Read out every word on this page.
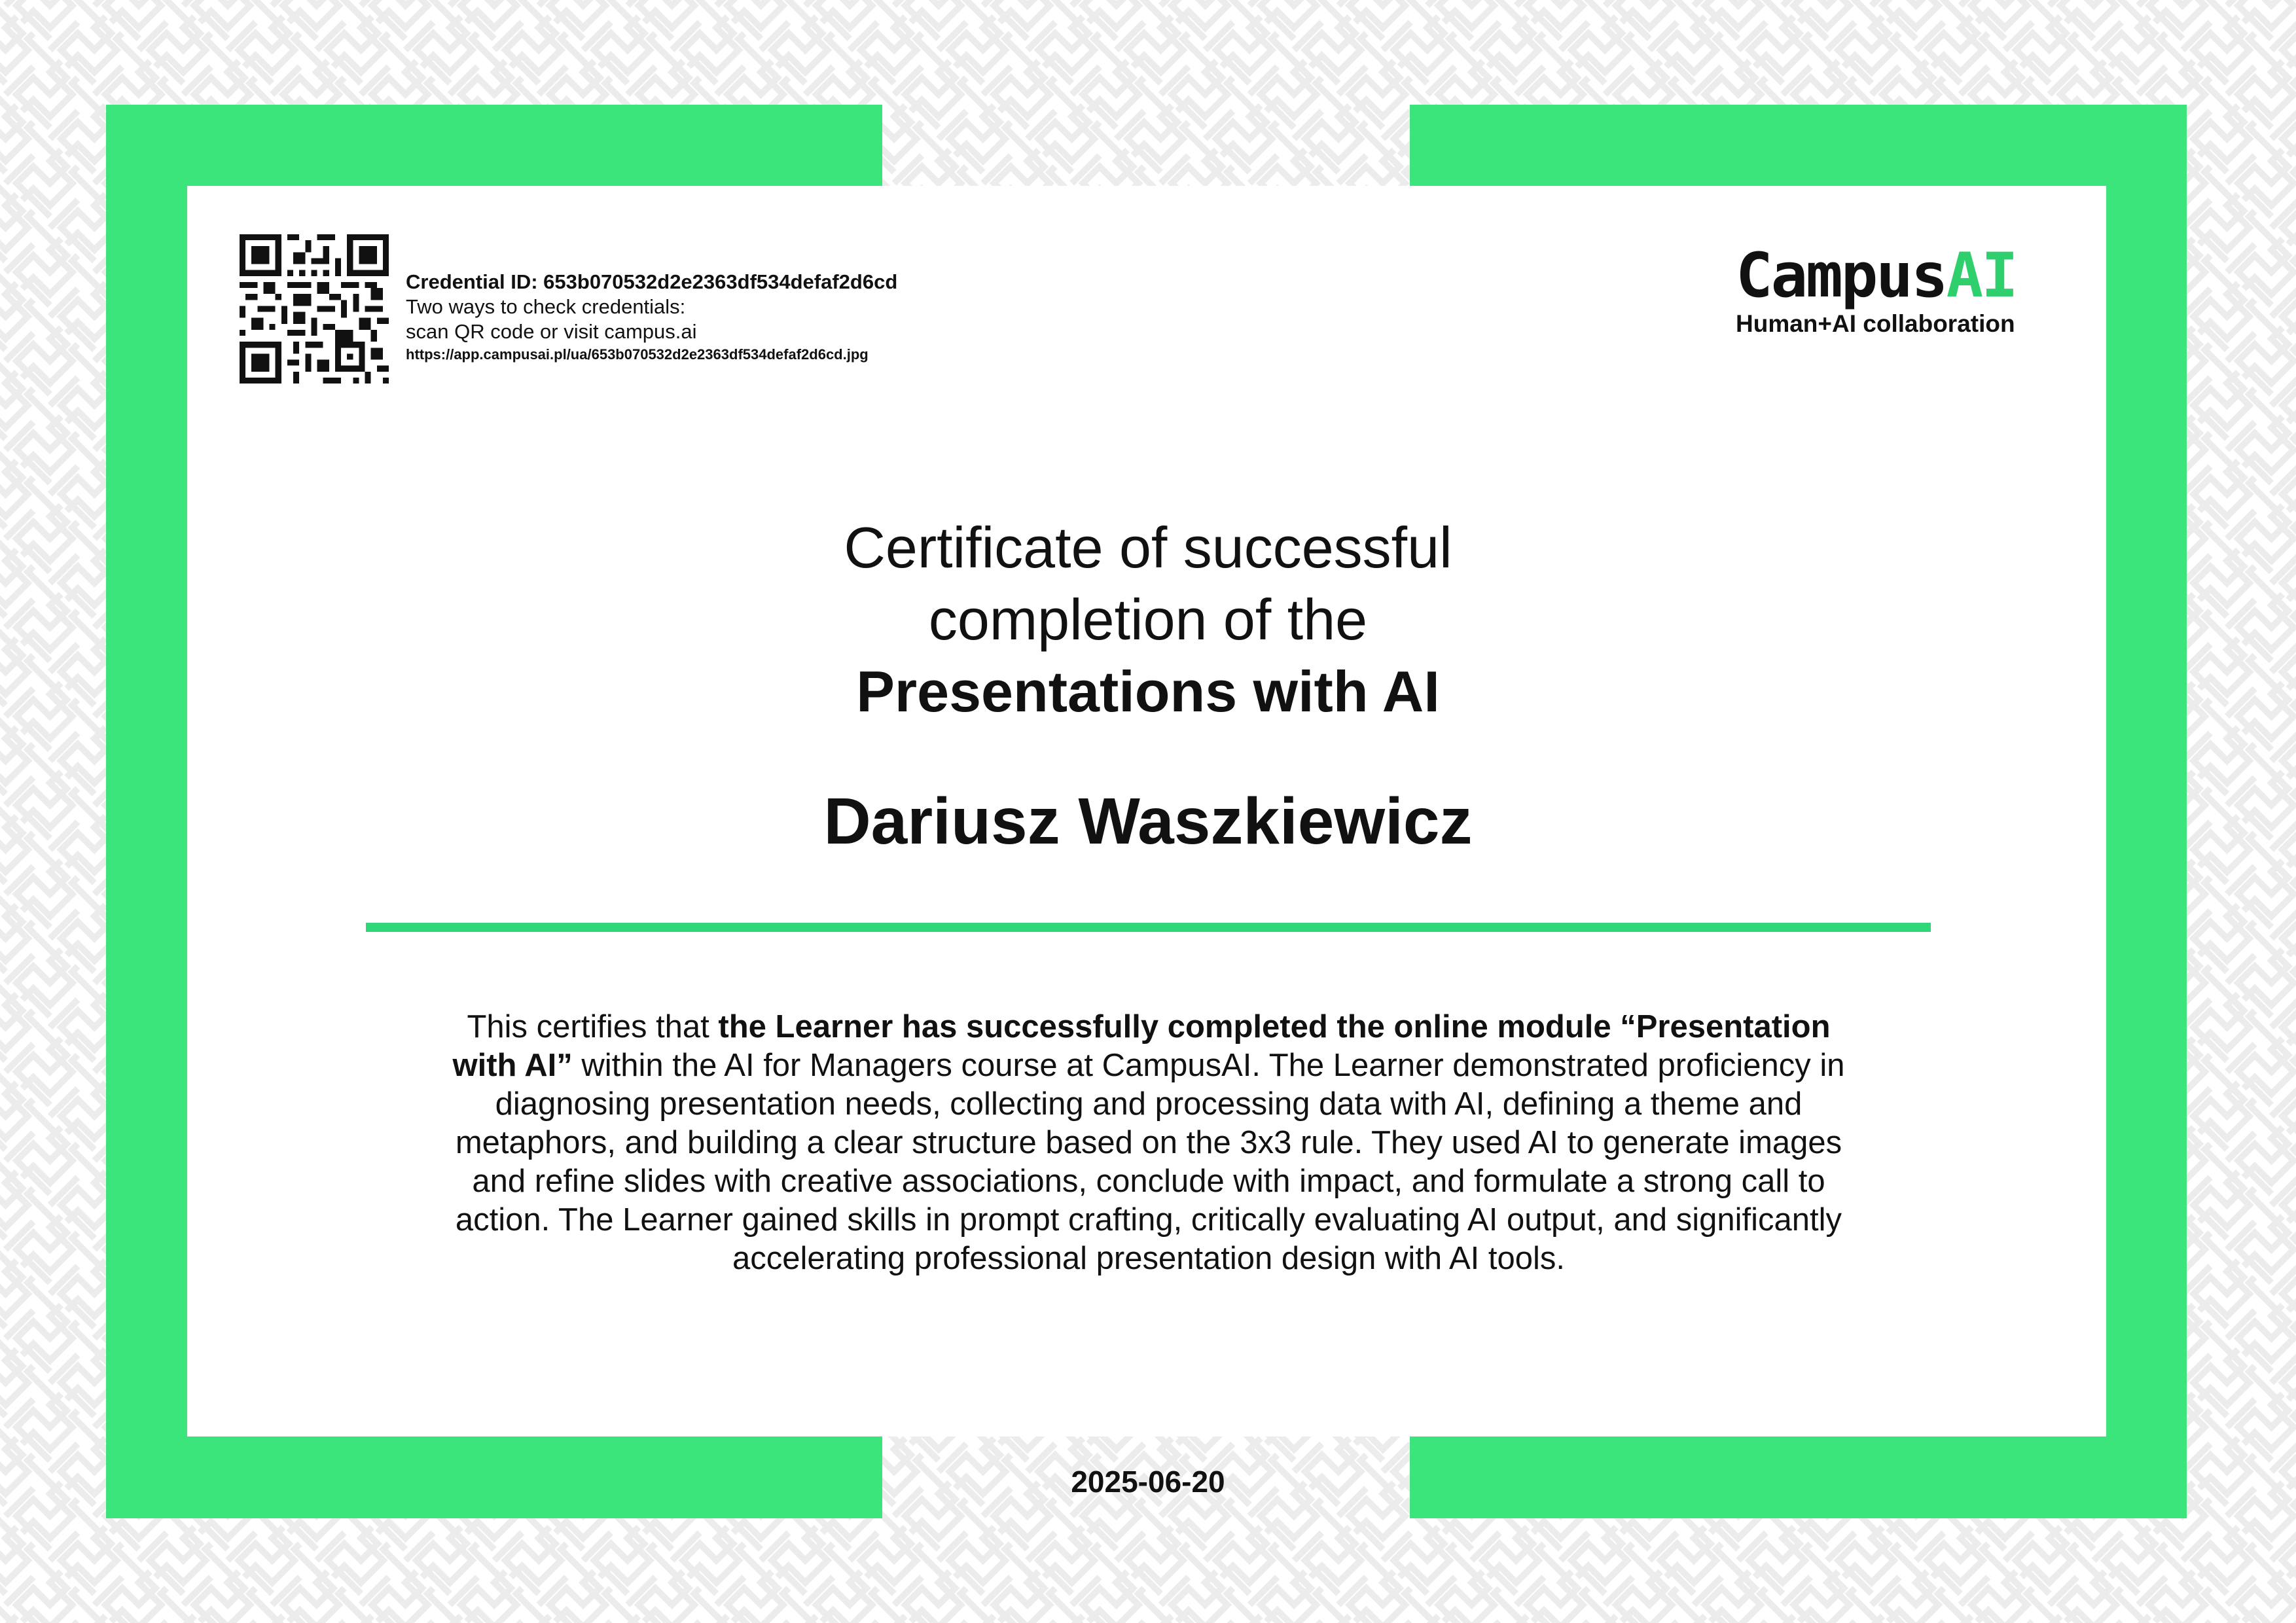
Credential ID: 653b070532d2e2363df534defaf2d6cd
Two ways to check credentials:
scan QR code or visit campus.ai
https://app.campusai.pl/ua/653b070532d2e2363df534defaf2d6cd.jpg
CampusAI
Human+AI collaboration
Certificate of successful
completion of the
Presentations with AI
Dariusz Waszkiewicz
This certifies that the Learner has successfully completed the online module “Presentation with AI” within the AI for Managers course at CampusAI. The Learner demonstrated proficiency in diagnosing presentation needs, collecting and processing data with AI, defining a theme and metaphors, and building a clear structure based on the 3x3 rule. They used AI to generate images and refine slides with creative associations, conclude with impact, and formulate a strong call to action. The Learner gained skills in prompt crafting, critically evaluating AI output, and significantly accelerating professional presentation design with AI tools.
2025-06-20
